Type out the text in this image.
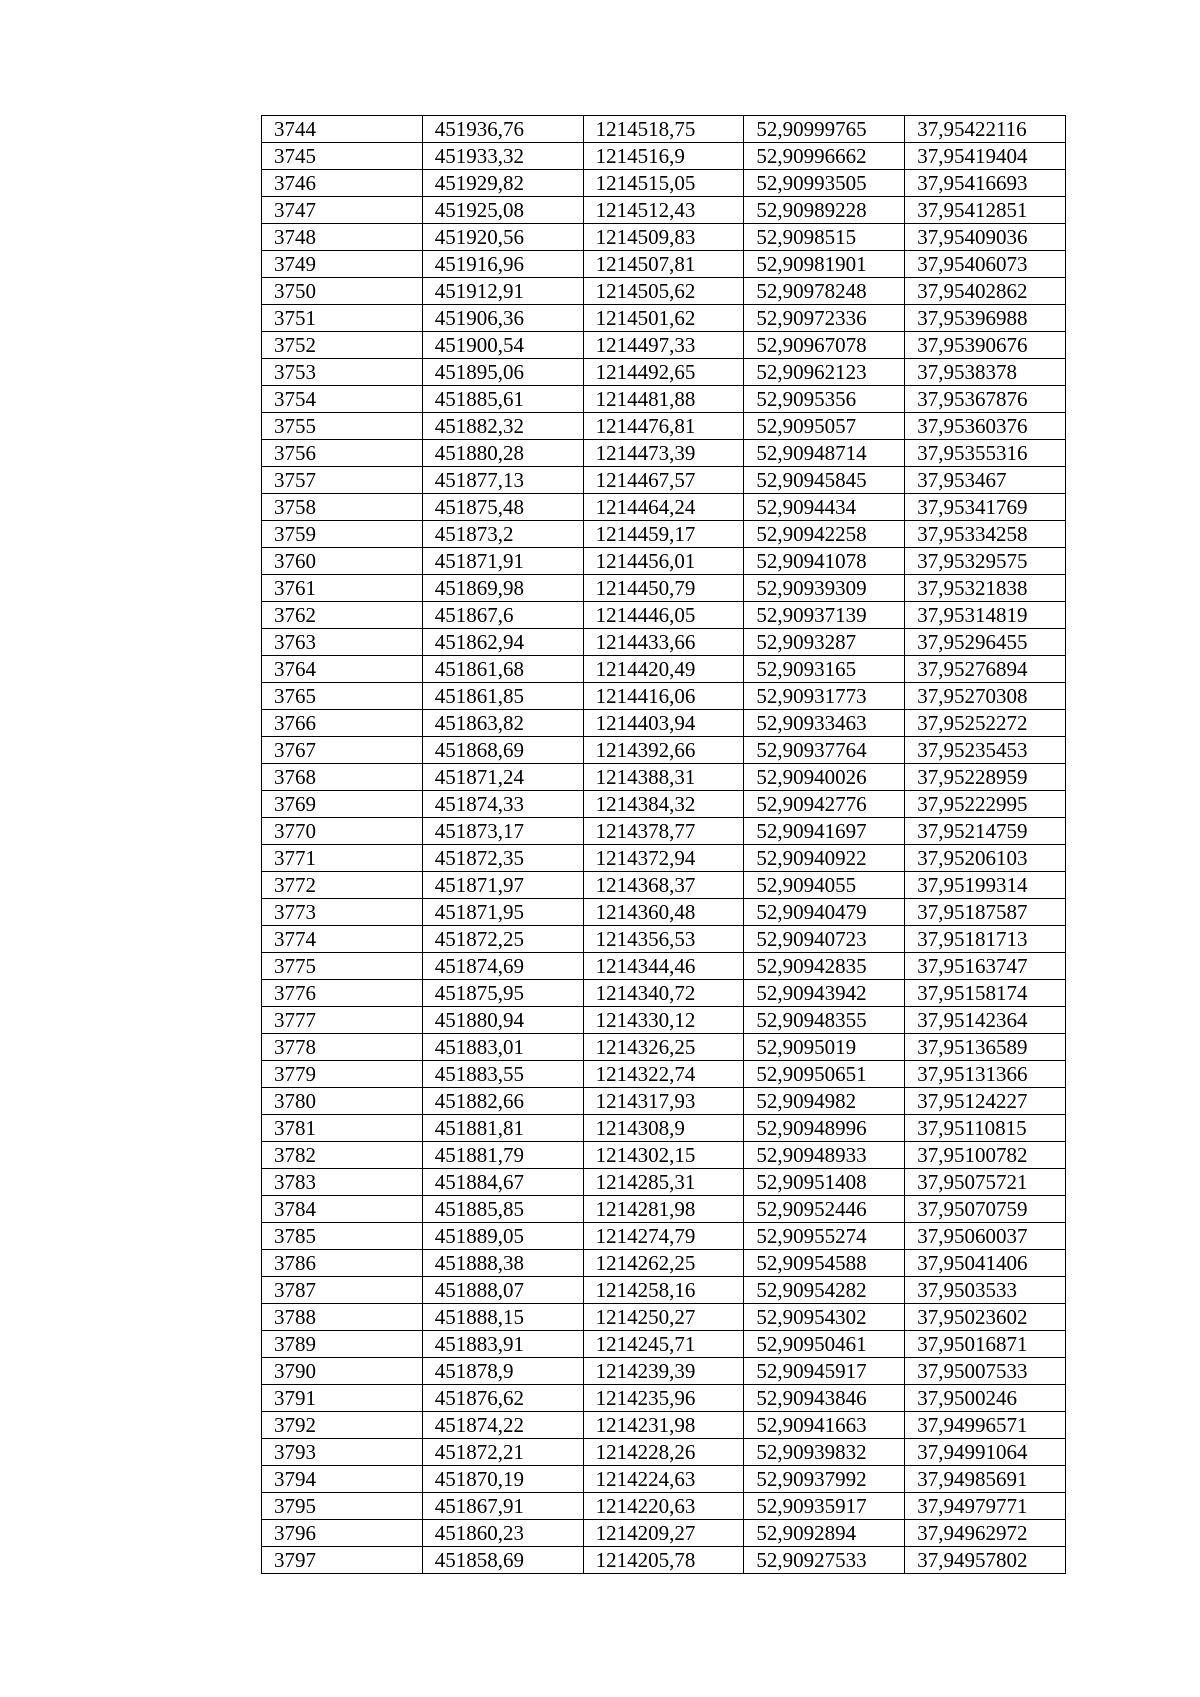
3744	451936,76	1214518,75	52,90999765	37,95422116
3745	451933,32	1214516,9	52,90996662	37,95419404
3746	451929,82	1214515,05	52,90993505	37,95416693
3747	451925,08	1214512,43	52,90989228	37,95412851
3748	451920,56	1214509,83	52,9098515	37,95409036
3749	451916,96	1214507,81	52,90981901	37,95406073
3750	451912,91	1214505,62	52,90978248	37,95402862
3751	451906,36	1214501,62	52,90972336	37,95396988
3752	451900,54	1214497,33	52,90967078	37,95390676
3753	451895,06	1214492,65	52,90962123	37,9538378
3754	451885,61	1214481,88	52,9095356	37,95367876
3755	451882,32	1214476,81	52,9095057	37,95360376
3756	451880,28	1214473,39	52,90948714	37,95355316
3757	451877,13	1214467,57	52,90945845	37,953467
3758	451875,48	1214464,24	52,9094434	37,95341769
3759	451873,2	1214459,17	52,90942258	37,95334258
3760	451871,91	1214456,01	52,90941078	37,95329575
3761	451869,98	1214450,79	52,90939309	37,95321838
3762	451867,6	1214446,05	52,90937139	37,95314819
3763	451862,94	1214433,66	52,9093287	37,95296455
3764	451861,68	1214420,49	52,9093165	37,95276894
3765	451861,85	1214416,06	52,90931773	37,95270308
3766	451863,82	1214403,94	52,90933463	37,95252272
3767	451868,69	1214392,66	52,90937764	37,95235453
3768	451871,24	1214388,31	52,90940026	37,95228959
3769	451874,33	1214384,32	52,90942776	37,95222995
3770	451873,17	1214378,77	52,90941697	37,95214759
3771	451872,35	1214372,94	52,90940922	37,95206103
3772	451871,97	1214368,37	52,9094055	37,95199314
3773	451871,95	1214360,48	52,90940479	37,95187587
3774	451872,25	1214356,53	52,90940723	37,95181713
3775	451874,69	1214344,46	52,90942835	37,95163747
3776	451875,95	1214340,72	52,90943942	37,95158174
3777	451880,94	1214330,12	52,90948355	37,95142364
3778	451883,01	1214326,25	52,9095019	37,95136589
3779	451883,55	1214322,74	52,90950651	37,95131366
3780	451882,66	1214317,93	52,9094982	37,95124227
3781	451881,81	1214308,9	52,90948996	37,95110815
3782	451881,79	1214302,15	52,90948933	37,95100782
3783	451884,67	1214285,31	52,90951408	37,95075721
3784	451885,85	1214281,98	52,90952446	37,95070759
3785	451889,05	1214274,79	52,90955274	37,95060037
3786	451888,38	1214262,25	52,90954588	37,95041406
3787	451888,07	1214258,16	52,90954282	37,9503533
3788	451888,15	1214250,27	52,90954302	37,95023602
3789	451883,91	1214245,71	52,90950461	37,95016871
3790	451878,9	1214239,39	52,90945917	37,95007533
3791	451876,62	1214235,96	52,90943846	37,9500246
3792	451874,22	1214231,98	52,90941663	37,94996571
3793	451872,21	1214228,26	52,90939832	37,94991064
3794	451870,19	1214224,63	52,90937992	37,94985691
3795	451867,91	1214220,63	52,90935917	37,94979771
3796	451860,23	1214209,27	52,9092894	37,94962972
3797	451858,69	1214205,78	52,90927533	37,94957802
